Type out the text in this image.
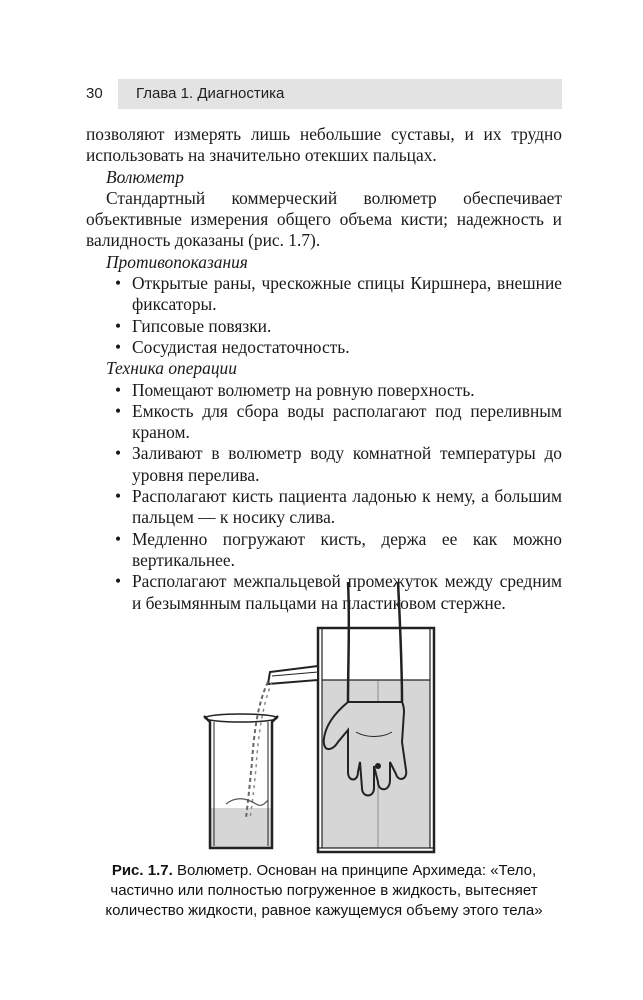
30 Глава 1. Диагностика

позволяют измерять лишь небольшие суставы, и их трудно использовать на значительно отекших пальцах.

Волюметр

Стандартный коммерческий волюметр обеспечивает объективные измерения общего объема кисти; надежность и валидность доказаны (рис. 1.7).

Противопоказания

• Открытые раны, чрескожные спицы Киршнера, внешние фиксаторы.
• Гипсовые повязки.
• Сосудистая недостаточность.

Техника операции

• Помещают волюметр на ровную поверхность.
• Емкость для сбора воды располагают под переливным краном.
• Заливают в волюметр воду комнатной температуры до уровня перелива.
• Располагают кисть пациента ладонью к нему, а большим пальцем — к носику слива.
• Медленно погружают кисть, держа ее как можно вертикальнее.
• Располагают межпальцевой промежуток между средним и безымянным пальцами на пластиковом стержне.
Рис. 1.7. Волюметр. Основан на принципе Архимеда: «Тело, частично или полностью погруженное в жидкость, вытесняет количество жидкости, равное кажущемуся объему этого тела»
